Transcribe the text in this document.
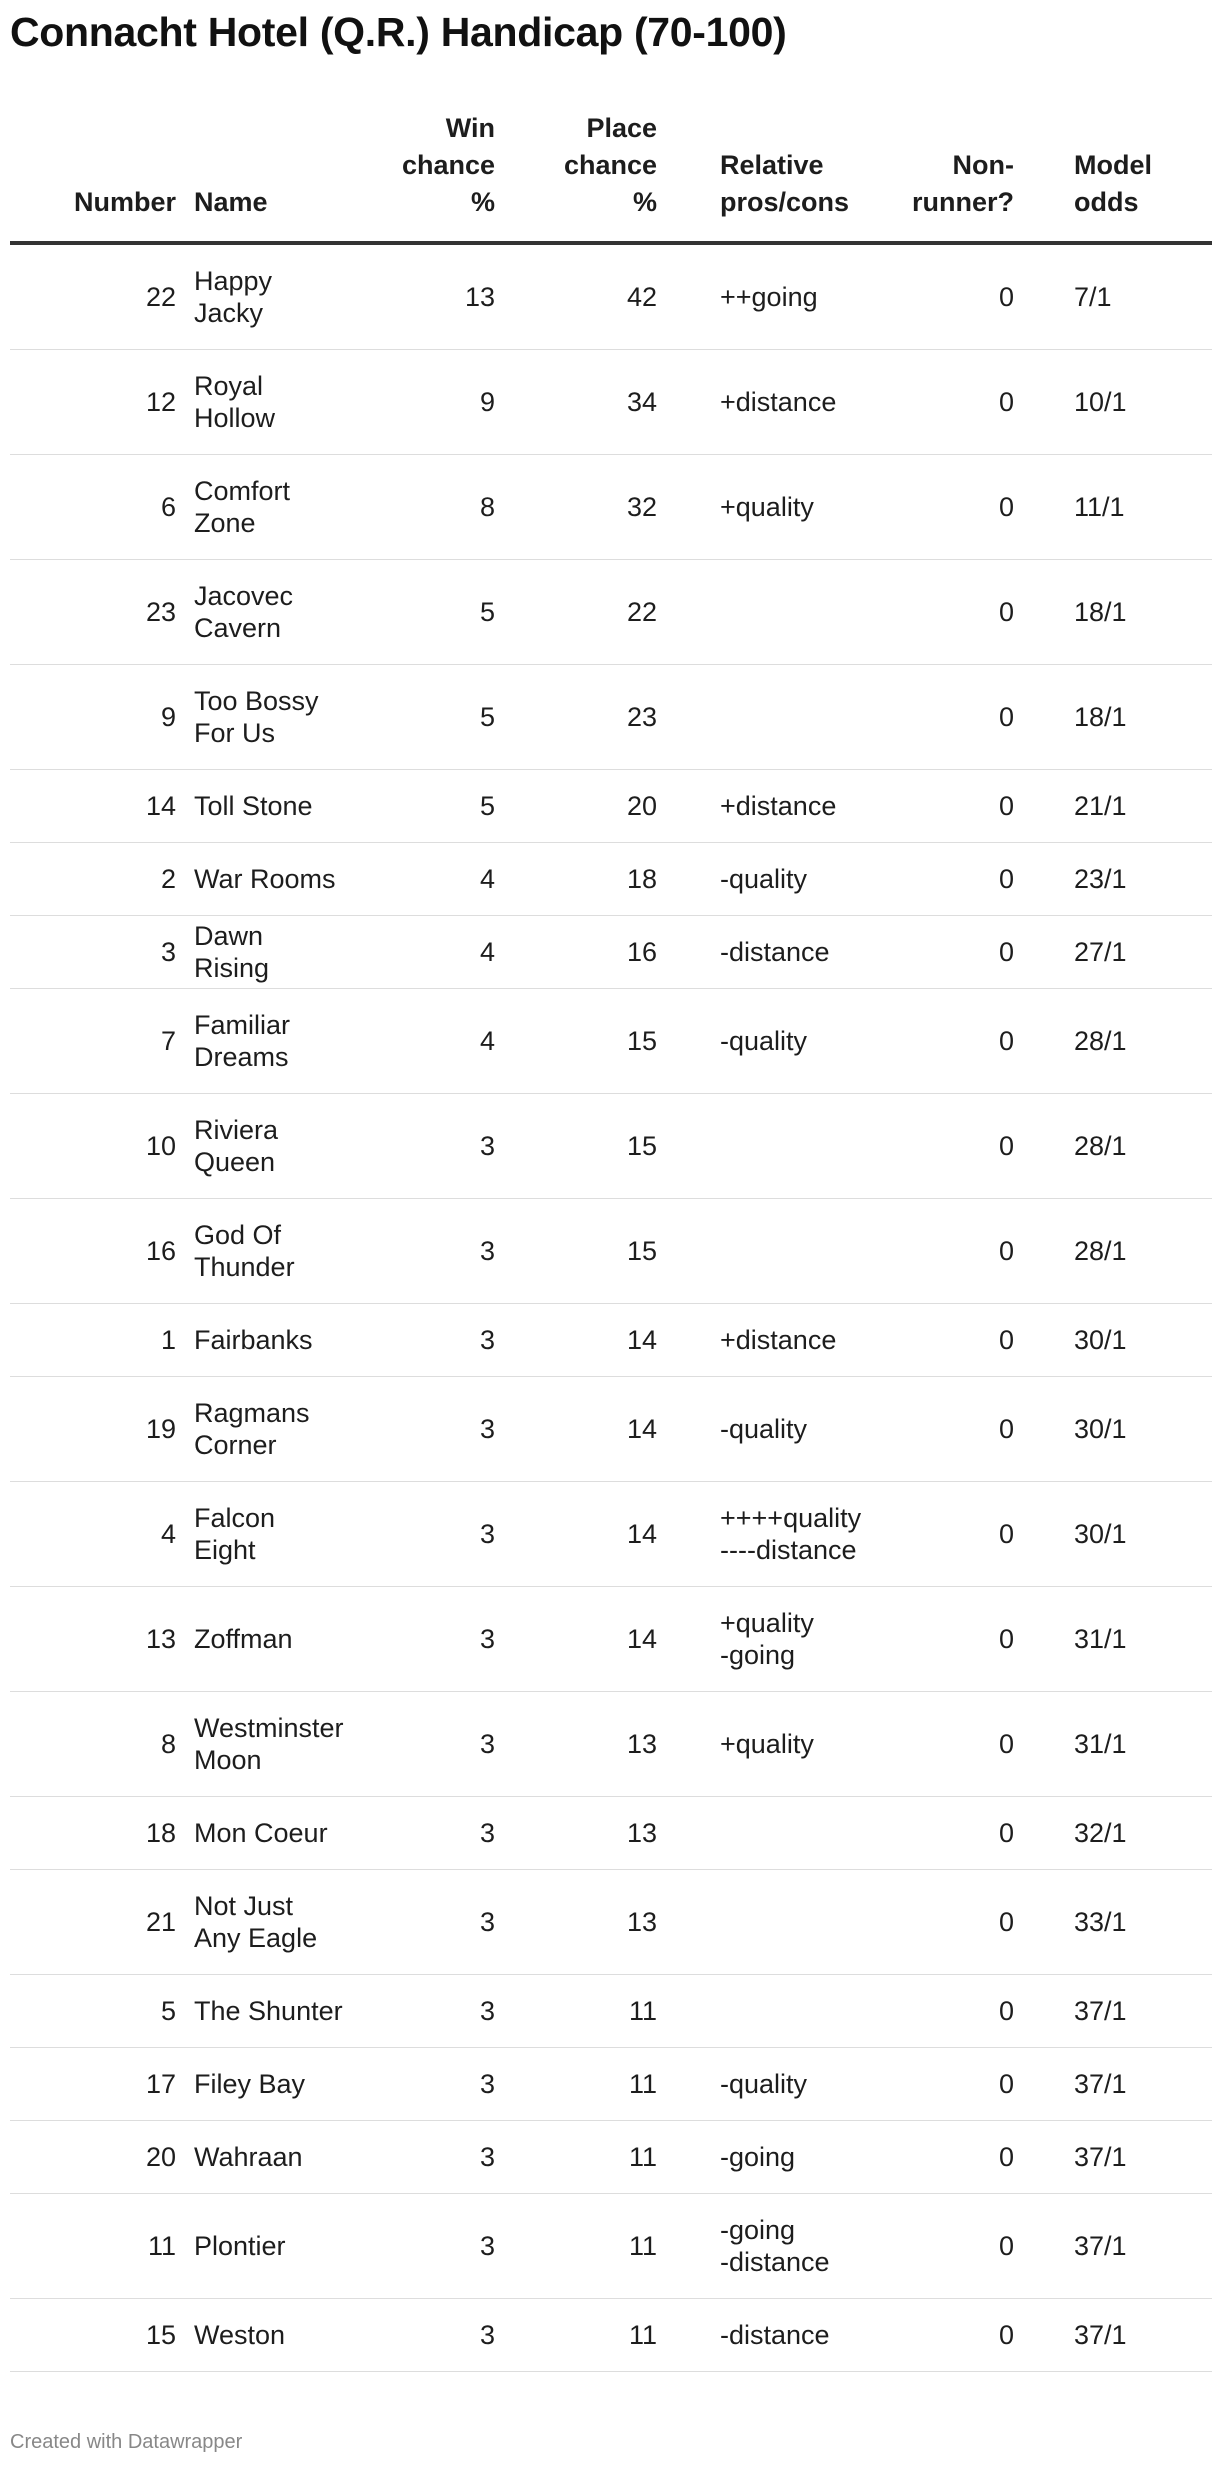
Connacht Hotel (Q.R.) Handicap (70-100)
Number	Name	Win
chance
%	Place
chance
%	Relative
pros/cons	Non-
runner?	Model
odds
22	Happy
Jacky	13	42	++going	0	7/1
12	Royal
Hollow	9	34	+distance	0	10/1
6	Comfort
Zone	8	32	+quality	0	11/1
23	Jacovec
Cavern	5	22		0	18/1
9	Too Bossy
For Us	5	23		0	18/1
14	Toll Stone	5	20	+distance	0	21/1
2	War Rooms	4	18	-quality	0	23/1
3	Dawn Rising	4	16	-distance	0	27/1
7	Familiar
Dreams	4	15	-quality	0	28/1
10	Riviera
Queen	3	15		0	28/1
16	God Of
Thunder	3	15		0	28/1
1	Fairbanks	3	14	+distance	0	30/1
19	Ragmans
Corner	3	14	-quality	0	30/1
4	Falcon Eight	3	14	++++quality
----distance	0	30/1
13	Zoffman	3	14	+quality
-going	0	31/1
8	Westminster
Moon	3	13	+quality	0	31/1
18	Mon Coeur	3	13		0	32/1
21	Not Just
Any Eagle	3	13		0	33/1
5	The Shunter	3	11		0	37/1
17	Filey Bay	3	11	-quality	0	37/1
20	Wahraan	3	11	-going	0	37/1
11	Plontier	3	11	-going
-distance	0	37/1
15	Weston	3	11	-distance	0	37/1
Created with Datawrapper
